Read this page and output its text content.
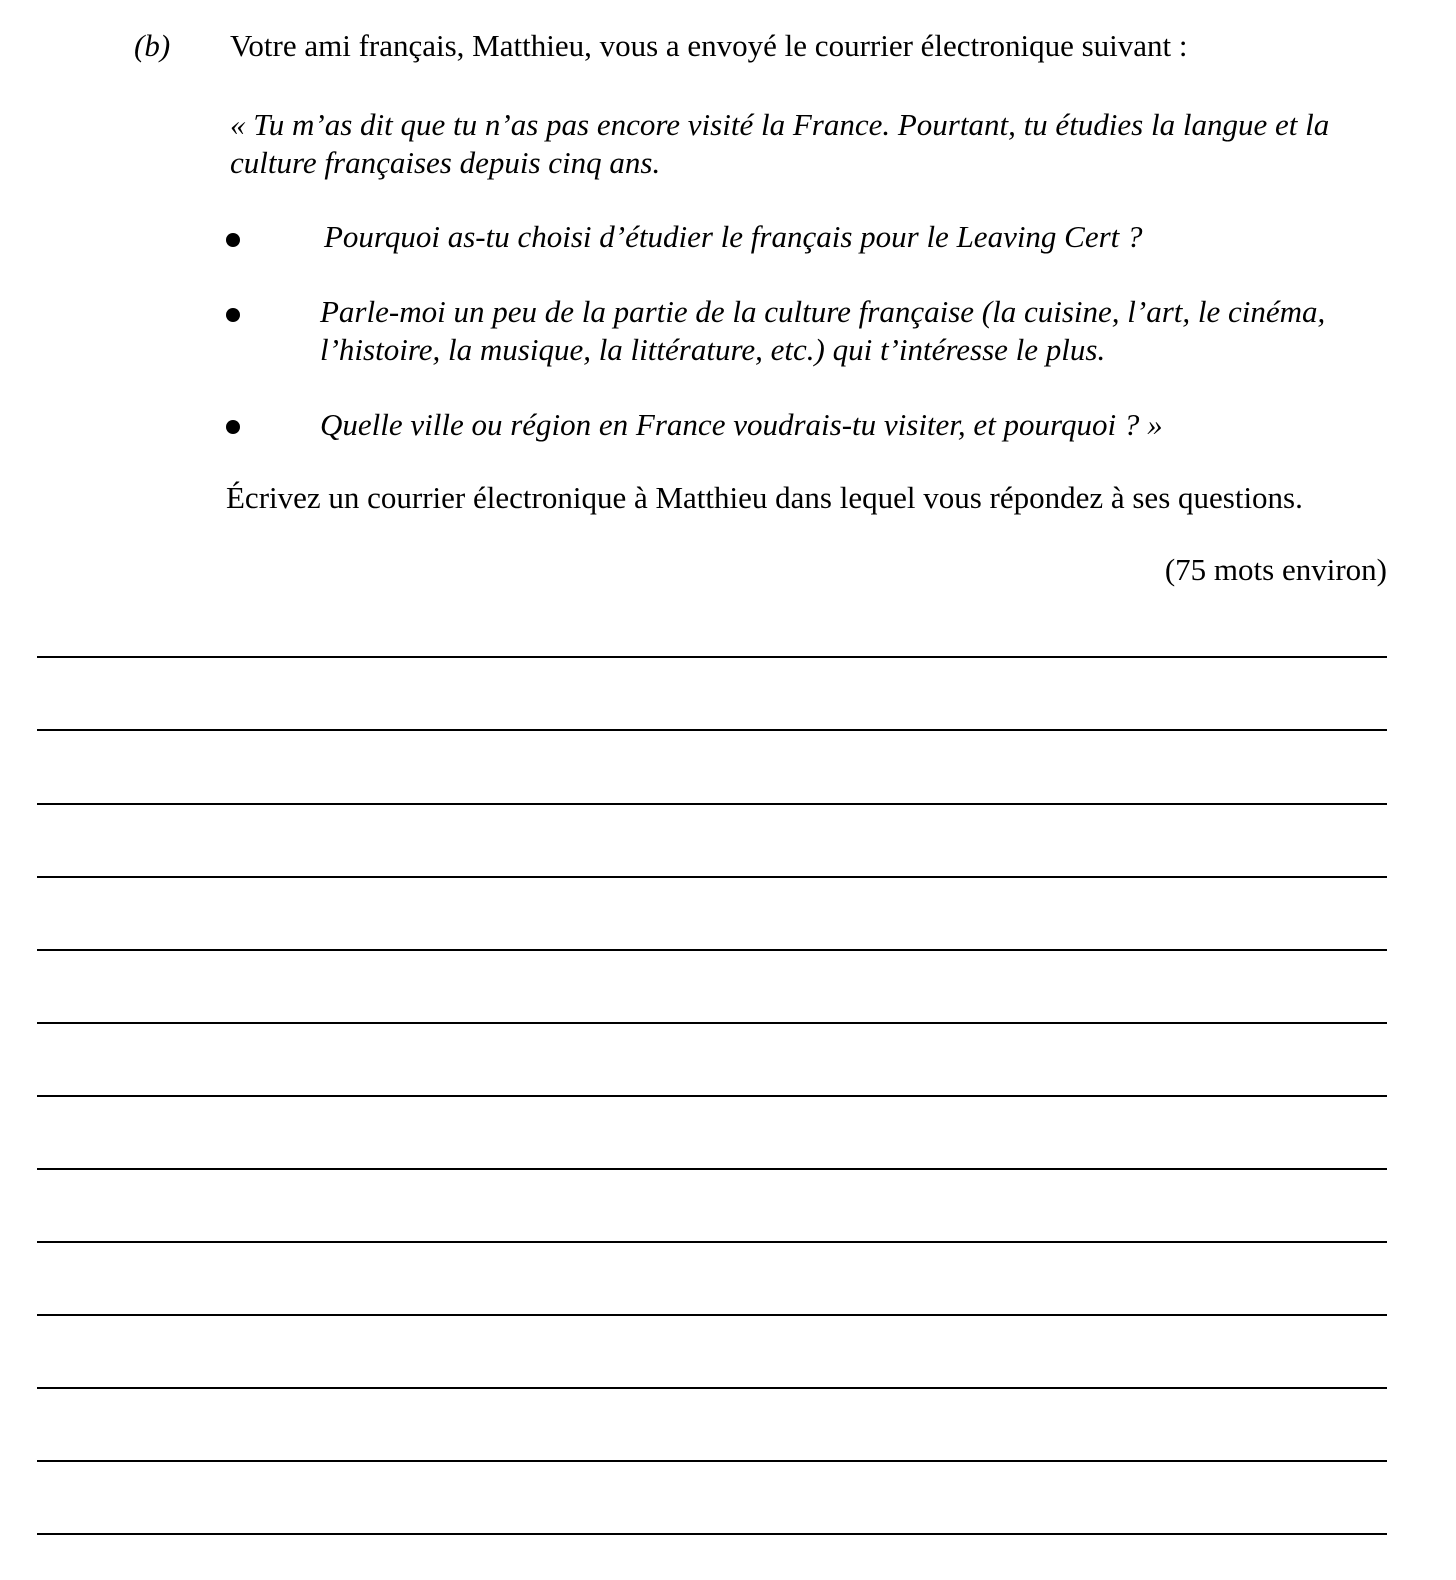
(b) Votre ami français, Matthieu, vous a envoyé le courrier électronique suivant :
« Tu m’as dit que tu n’as pas encore visité la France. Pourtant, tu étudies la langue et la culture françaises depuis cinq ans.
Pourquoi as-tu choisi d’étudier le français pour le Leaving Cert ?
Parle-moi un peu de la partie de la culture française (la cuisine, l’art, le cinéma, l’histoire, la musique, la littérature, etc.) qui t’intéresse le plus.
Quelle ville ou région en France voudrais-tu visiter, et pourquoi ? »
Écrivez un courrier électronique à Matthieu dans lequel vous répondez à ses questions.
(75 mots environ)
